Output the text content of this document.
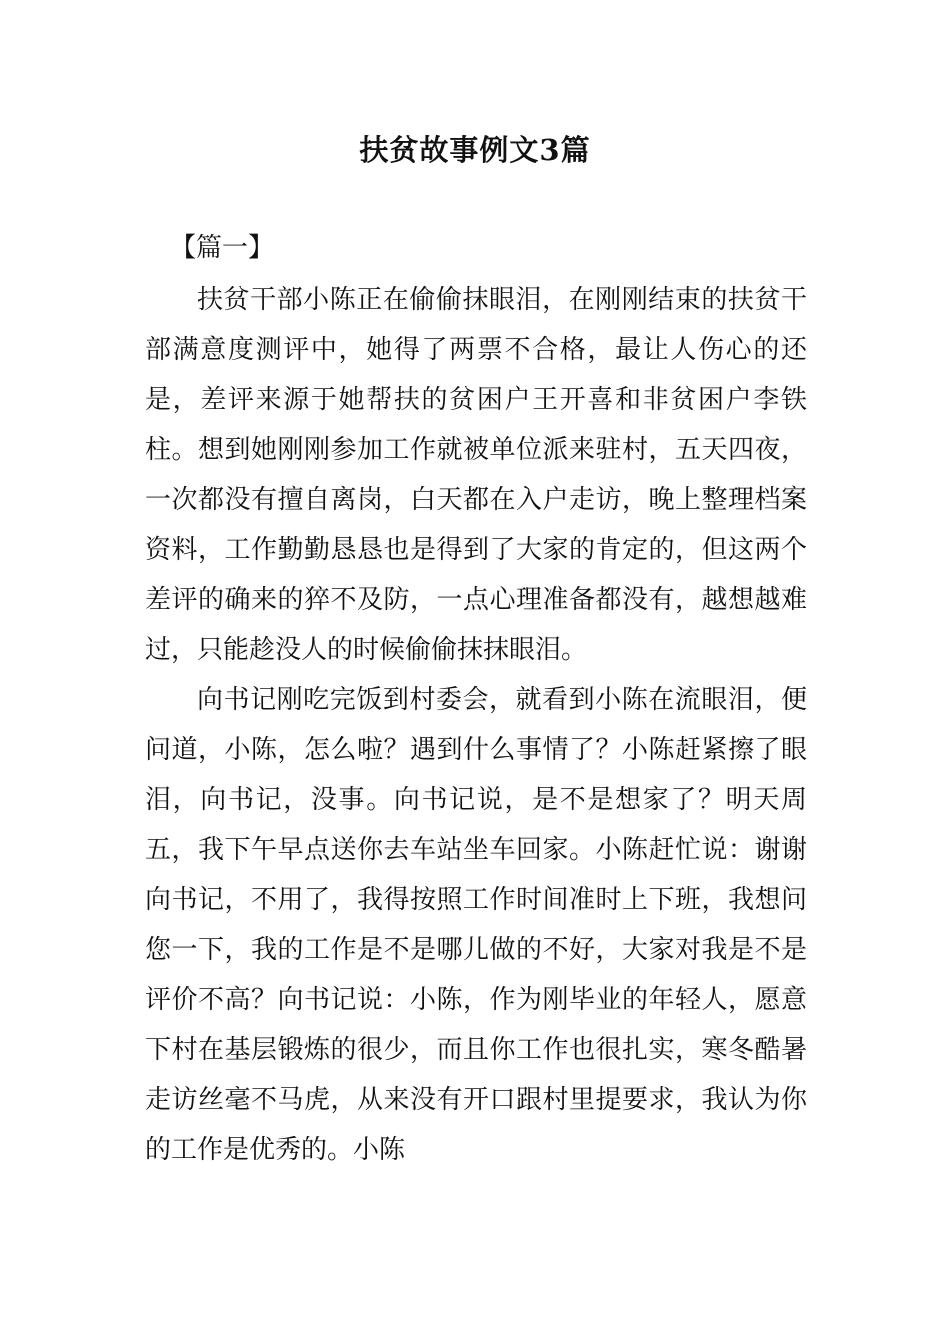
扶贫故事例文3篇
【篇一】

扶贫干部小陈正在偷偷抹眼泪，在刚刚结束的扶贫干部满意度测评中，她得了两票不合格，最让人伤心的还是，差评来源于她帮扶的贫困户王开喜和非贫困户李铁柱。想到她刚刚参加工作就被单位派来驻村，五天四夜，一次都没有擅自离岗，白天都在入户走访，晚上整理档案资料，工作勤勤恳恳也是得到了大家的肯定的，但这两个差评的确来的猝不及防，一点心理准备都没有，越想越难过，只能趁没人的时候偷偷抹抹眼泪。

向书记刚吃完饭到村委会，就看到小陈在流眼泪，便问道，小陈，怎么啦？遇到什么事情了？小陈赶紧擦了眼泪，向书记，没事。向书记说，是不是想家了？明天周五，我下午早点送你去车站坐车回家。小陈赶忙说：谢谢向书记，不用了，我得按照工作时间准时上下班，我想问您一下，我的工作是不是哪儿做的不好，大家对我是不是评价不高？向书记说：小陈，作为刚毕业的年轻人，愿意下村在基层锻炼的很少，而且你工作也很扎实，寒冬酷暑走访丝毫不马虎，从来没有开口跟村里提要求，我认为你的工作是优秀的。小陈
